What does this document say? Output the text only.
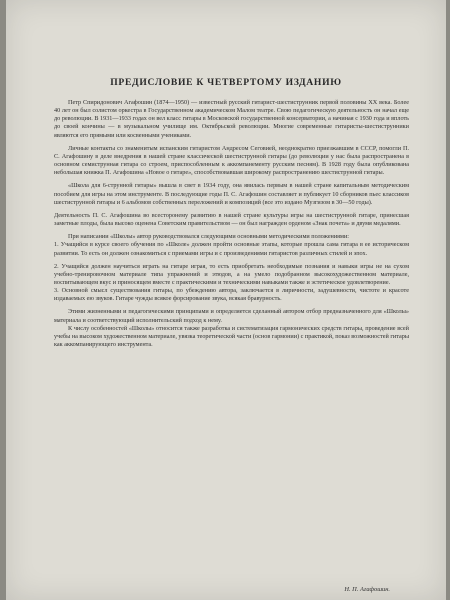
ПРЕДИСЛОВИЕ К ЧЕТВЕРТОМУ ИЗДАНИЮ

Петр Спиридонович Агафошин (1874—1950) — известный русский гитарист-шестиструнник первой половины XX века. Более 40 лет он был солистом оркестра в Государственном академическом Малом театре. Свою педагогическую деятельность он начал еще до революции. В 1931—1933 годах он вел класс гитары в Московской государственной консерватории, а начиная с 1930 года и вплоть до своей кончины — в музыкальном училище им. Октябрьской революции. Многие современные гитаристы-шестиструнники являются его прямыми или косвенными учениками.

Личные контакты со знаменитым испанским гитаристом Андресом Сеговией, неоднократно приезжавшим в СССР, помогли П. С. Агафошину в деле внедрения в нашей стране классической шестиструнной гитары (до революции у нас была распространена в основном семиструнная гитара со строем, приспособленным к аккомпанементу русским песням). В 1928 году была опубликована небольшая книжка П. Агафошина «Новое о гитаре», способствовавшая широкому распространению шестиструнной гитары.

«Школа для 6-струнной гитары» вышла в свет в 1934 году, она явилась первым в нашей стране капитальным методическим пособием для игры на этом инструменте. В последующие годы П. С. Агафошин составляет и публикует 10 сборников пьес классиков шестиструнной гитары и 6 альбомов собственных переложений и композиций (все это издано Музгизом в 30—50 годы).

Деятельность П. С. Агафошина во всесторонему развитию в нашей стране культуры игры на шестиструнной гитаре, принесшая заметные плоды, была высоко оценена Советским правительством — он был награжден орденом «Знак почета» и двумя медалями.

При написании «Школы» автор руководствовался следующими основными методическими положениями:

1. Учащийся в курсе своего обучения по «Школе» должен пройти основные этапы, которые прошла сама гитара в ее историческом развитии. То есть он должен ознакомиться с приемами игры и с произведениями гитаристов различных стилей и эпох.

2. Учащийся должен научиться играть на гитаре играя, то есть приобретать необходимые познания и навыки игры не на сухом учебно-тренировочном материале типа упражнений и этюдов, а на умело подобранном высокохудожественном материале, воспитывающем вкус и приносящем вместе с практическими и техническими навыками также и эстетическое удовлетворение.

3. Основной смысл существования гитары, по убеждению автора, заключается в лиричности, задушевности, чистоте и красоте издаваемых ею звуков. Гитаре чужды всякое форсирование звука, всякая бравурность.

Этими жизненными и педагогическими принципами и определяется сделанный автором отбор предназначенного для «Школы» материала и соответствующий исполнительский подход к нему.

К числу особенностей «Школы» относится также разработка и систематизация гармонических средств гитары, проведение всей учебы на высоком художественном материале, увязка теоретической части (основ гармонии) с практикой, показ возможностей гитары как аккомпанирующего инструмента.

Н. П. Агафошин.
